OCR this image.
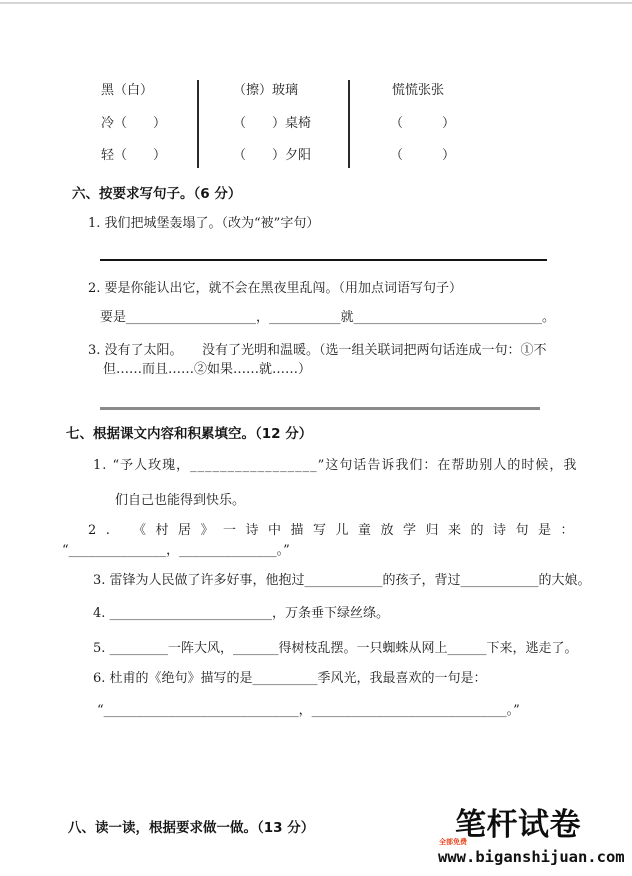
黑（白）	（擦）玻璃	慌慌张张
冷（　　）	（　　）桌椅	（　　　）
轻（　　）	（　　）夕阳	（　　　）
六、按要求写句子。（6 分）
1. 我们把城堡轰塌了。（改为“被”字句）
2. 要是你能认出它，就不会在黑夜里乱闯。（用加点词语写句子）
要是____________________，___________就_____________________________。
3. 没有了太阳。　　没有了光明和温暖。（选一组关联词把两句话连成一句：①不
但……而且……②如果……就……）
七、根据课文内容和积累填空。（12 分）
1. “予人玫瑰，_________________”这句话告诉我们：在帮助别人的时候，我
们自己也能得到快乐。
2. 《村居》一诗中描写儿童放学归来的诗句是：
“_______________，_______________。”
3. 雷锋为人民做了许多好事，他抱过____________的孩子，背过____________的大娘。
4. _________________________，万条垂下绿丝绦。
5. _________一阵大风，_______得树枝乱摆。一只蜘蛛从网上______下来，逃走了。
6. 杜甫的《绝句》描写的是__________季风光，我最喜欢的一句是：
“______________________________，______________________________。”
八、读一读，根据要求做一做。（13 分）	笔杆试卷
全部免费
www.biganshijuan.com
